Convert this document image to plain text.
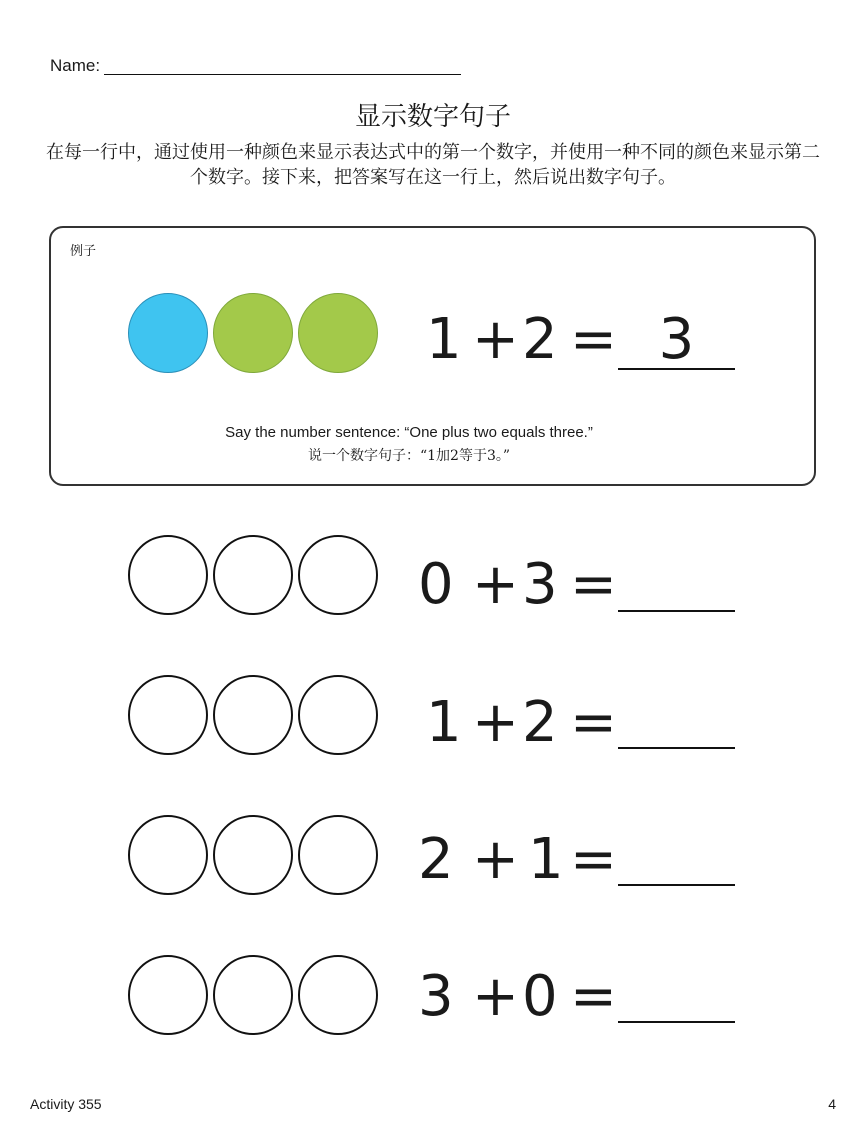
Name:
显示数字句子
在每一行中，通过使用一种颜色来显示表达式中的第一个数字，并使用一种不同的颜色来显示第二个数字。接下来，把答案写在这一行上，然后说出数字句子。
例子
1 + 2 = 3
Say the number sentence: “One plus two equals three.”
说一个数字句子：“1加2等于3。”
0 + 3 =
1 + 2 =
2 + 1 =
3 + 0 =
Activity 355	4
